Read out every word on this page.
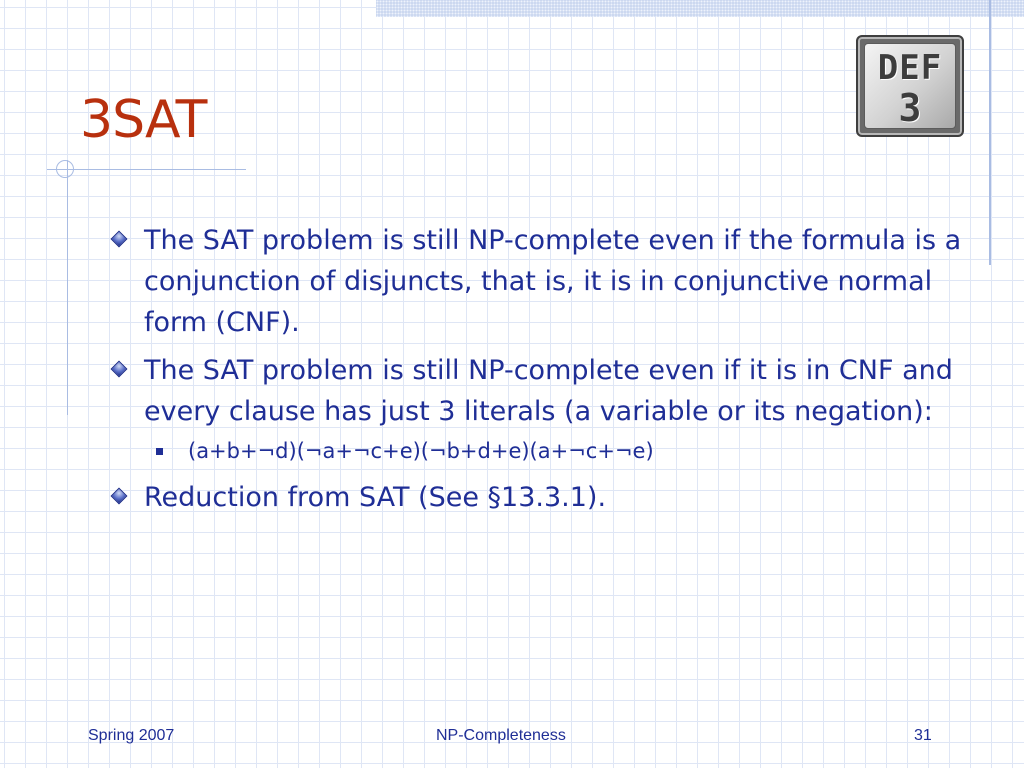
3SAT
DEF
3
The SAT problem is still NP-complete even if the formula is a conjunction of disjuncts, that is, it is in conjunctive normal form (CNF).
The SAT problem is still NP-complete even if it is in CNF and every clause has just 3 literals (a variable or its negation):
(a+b+¬d)(¬a+¬c+e)(¬b+d+e)(a+¬c+¬e)
Reduction from SAT (See §13.3.1).
Spring 2007	NP-Completeness	31
